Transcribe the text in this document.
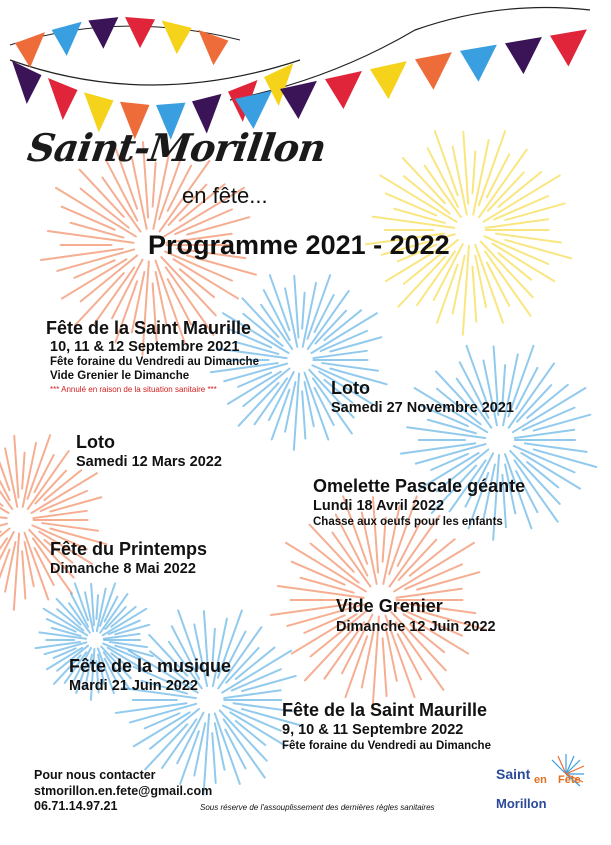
Saint-Morillon
en fête...
Programme 2021 - 2022
Fête de la Saint Maurille
10, 11 & 12 Septembre 2021
Fête foraine du Vendredi au Dimanche
Vide Grenier le Dimanche
*** Annulé en raison de la situation sanitaire ***	Loto
Samedi 27 Novembre 2021
Loto
Samedi 12 Mars 2022
Omelette Pascale géante
Lundi 18 Avril 2022
Chasse aux oeufs pour les enfants
Fête du Printemps
Dimanche 8 Mai 2022
Vide Grenier
Dimanche 12 Juin 2022
Fête de la musique
Mardi 21 Juin 2022
Fête de la Saint Maurille
9, 10 & 11 Septembre 2022
Fête foraine du Vendredi au Dimanche
Pour nous contacter
stmorillon.en.fete@gmail.com
06.71.14.97.21	Sous réserve de l'assouplissement des dernières règles sanitaires
Saint en Fête
Morillon
